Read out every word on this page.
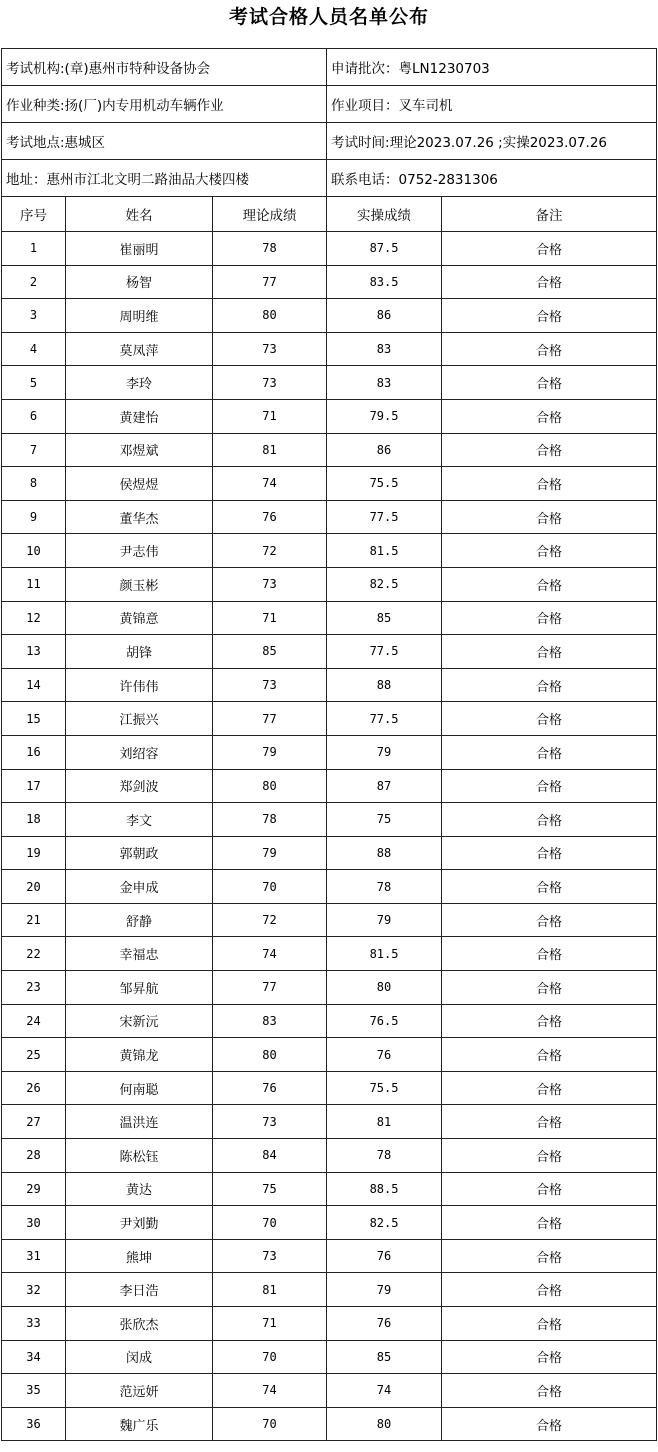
考试合格人员名单公布
考试机构:(章)惠州市特种设备协会			申请批次：粤LN1230703	
作业种类:扬(厂)内专用机动车辆作业			作业项目：叉车司机	
考试地点:惠城区			考试时间:理论2023.07.26 ;实操2023.07.26	
地址：惠州市江北文明二路油品大楼四楼			联系电话：0752-2831306	
序号	姓名	理论成绩	实操成绩	备注
1	崔丽明	78	87.5	合格
2	杨智	77	83.5	合格
3	周明维	80	86	合格
4	莫凤萍	73	83	合格
5	李玲	73	83	合格
6	黄建怡	71	79.5	合格
7	邓煜斌	81	86	合格
8	侯煜煜	74	75.5	合格
9	董华杰	76	77.5	合格
10	尹志伟	72	81.5	合格
11	颜玉彬	73	82.5	合格
12	黄锦意	71	85	合格
13	胡锋	85	77.5	合格
14	许伟伟	73	88	合格
15	江振兴	77	77.5	合格
16	刘绍容	79	79	合格
17	郑剑波	80	87	合格
18	李文	78	75	合格
19	郭朝政	79	88	合格
20	金申成	70	78	合格
21	舒静	72	79	合格
22	幸福忠	74	81.5	合格
23	邹昇航	77	80	合格
24	宋新沅	83	76.5	合格
25	黄锦龙	80	76	合格
26	何南聪	76	75.5	合格
27	温洪连	73	81	合格
28	陈松钰	84	78	合格
29	黄达	75	88.5	合格
30	尹刘勤	70	82.5	合格
31	熊坤	73	76	合格
32	李日浩	81	79	合格
33	张欣杰	71	76	合格
34	闵成	70	85	合格
35	范远妍	74	74	合格
36	魏广乐	70	80	合格
